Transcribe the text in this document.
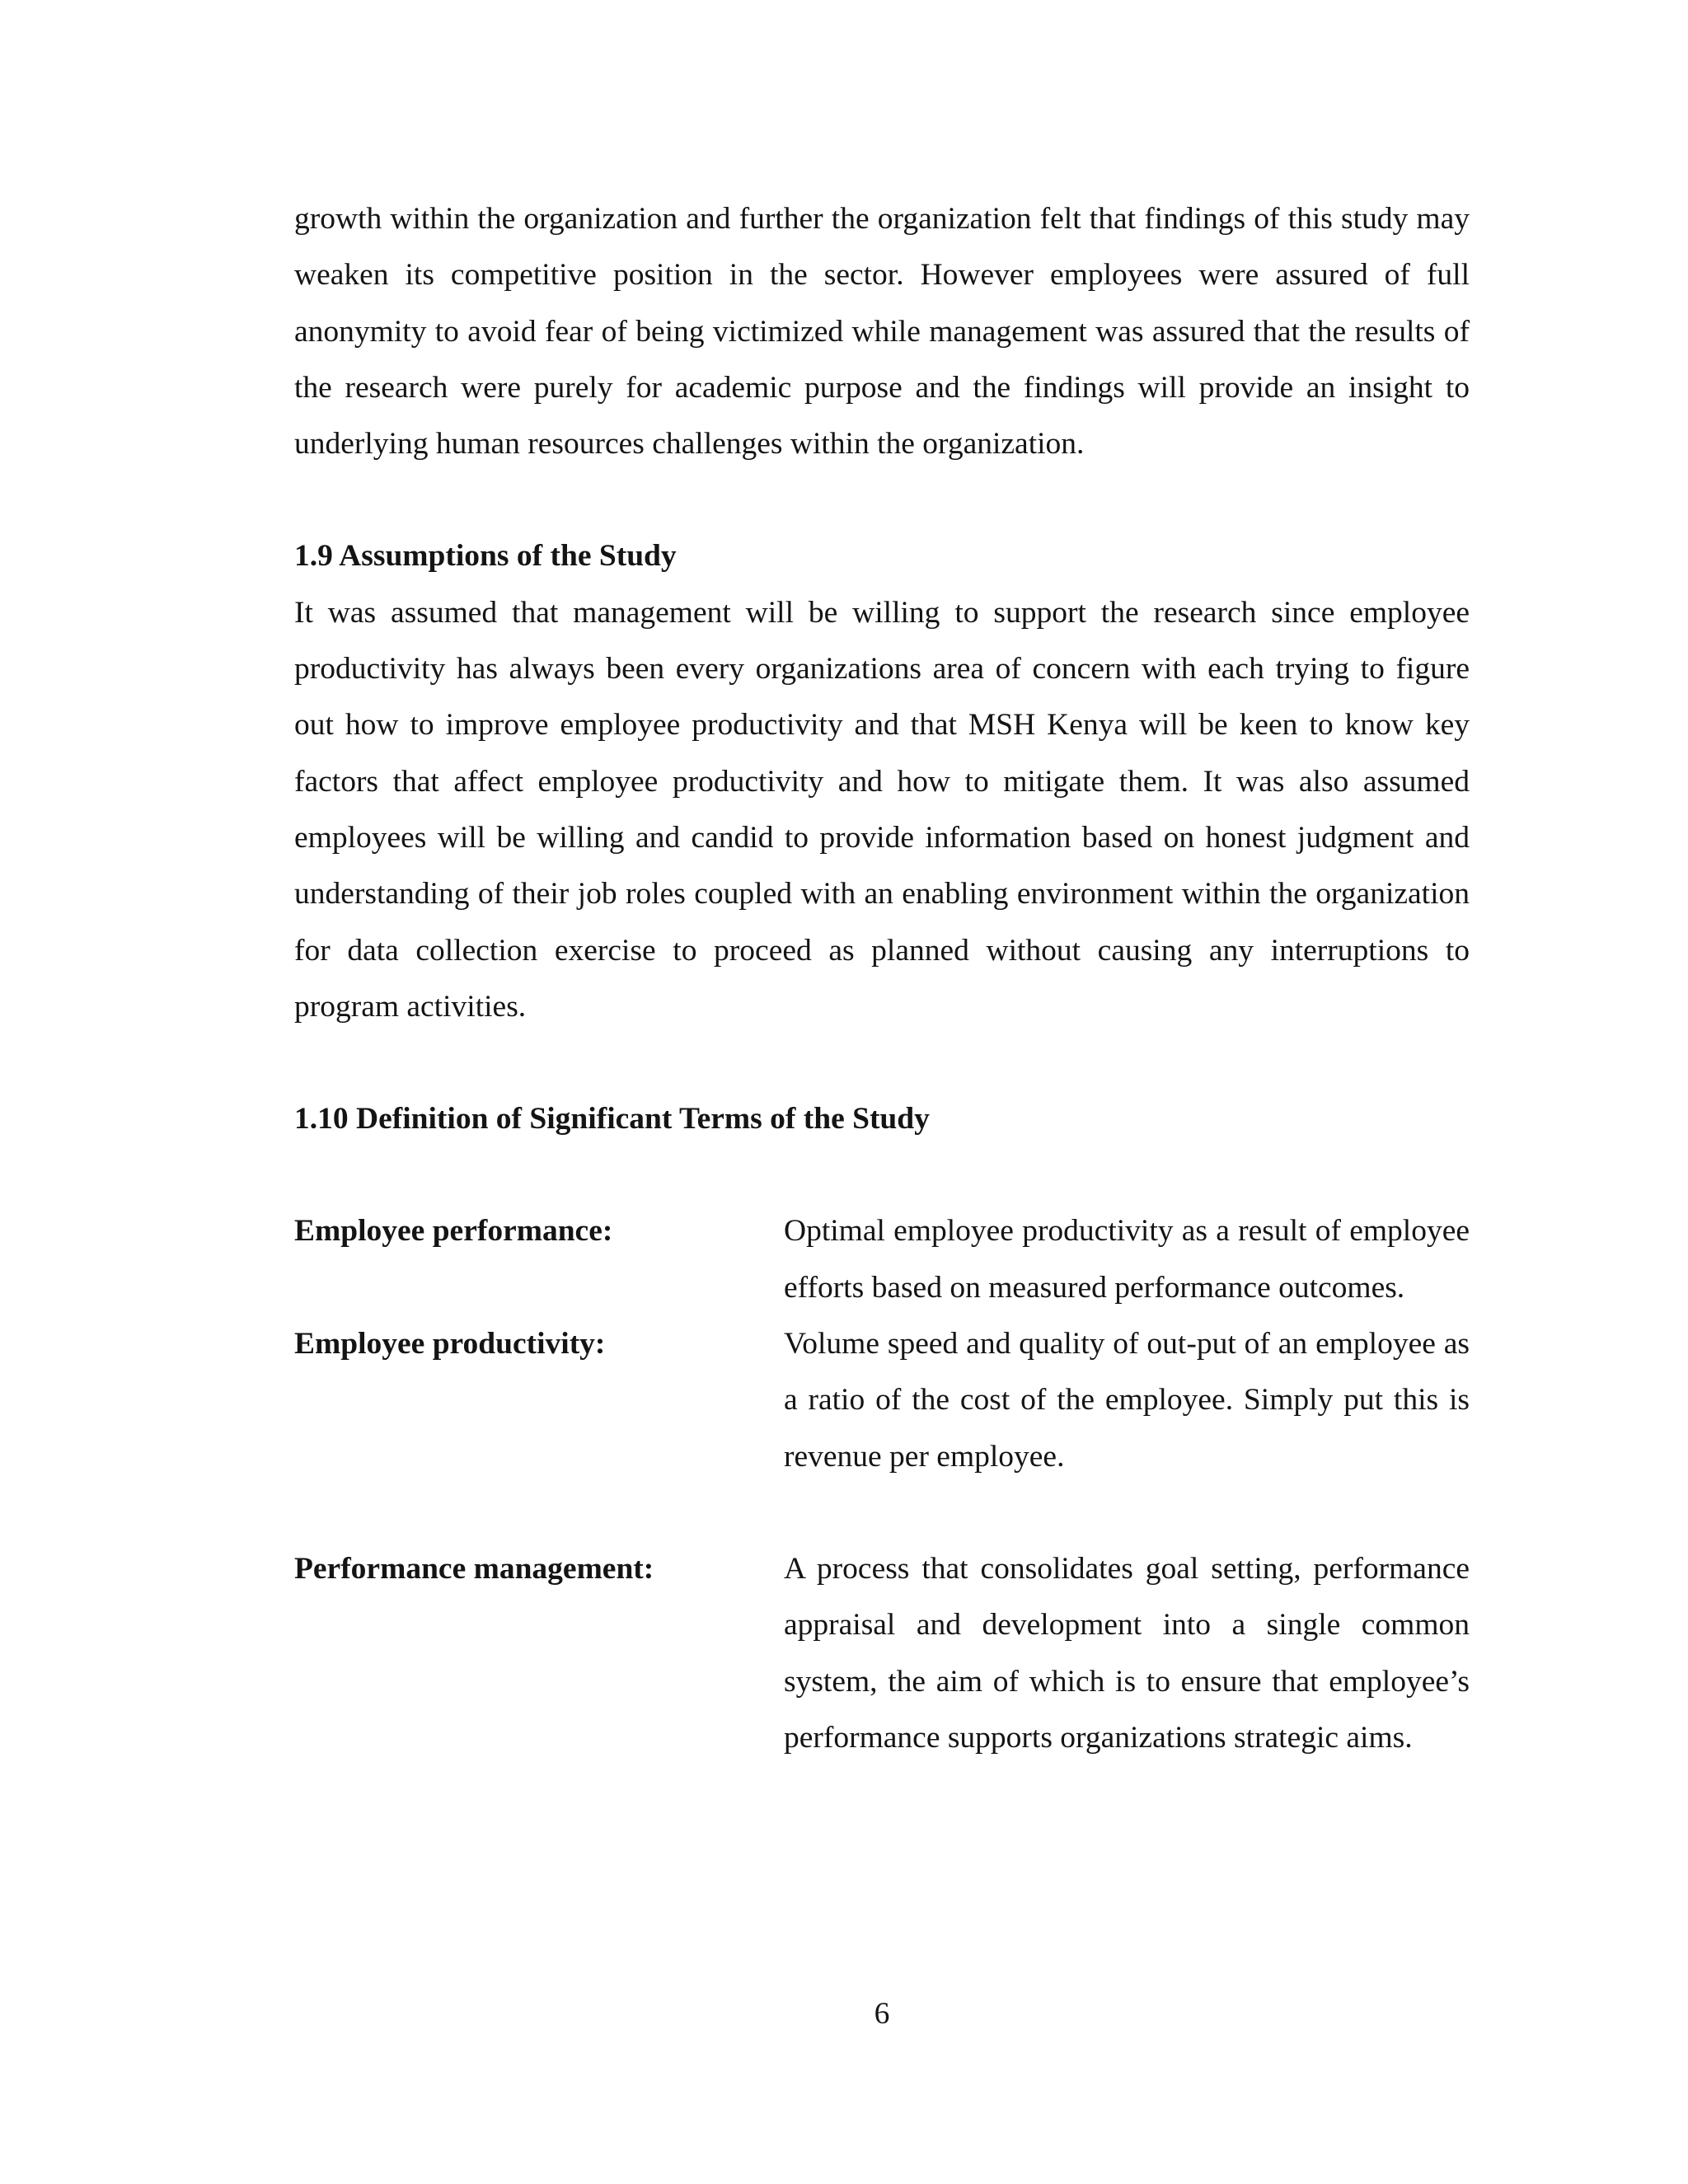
growth within the organization and further the organization felt that findings of this study may weaken its competitive position in the sector. However employees were assured of full anonymity to avoid fear of being victimized while management was assured that the results of the research were purely for academic purpose and the findings will provide an insight to underlying human resources challenges within the organization.

1.9 Assumptions of the Study

It was assumed that management will be willing to support the research since employee productivity has always been every organizations area of concern with each trying to figure out how to improve employee productivity and that MSH Kenya will be keen to know key factors that affect employee productivity and how to mitigate them. It was also assumed employees will be willing and candid to provide information based on honest judgment and understanding of their job roles coupled with an enabling environment within the organization for data collection exercise to proceed as planned without causing any interruptions to program activities.

1.10 Definition of Significant Terms of the Study
Employee performance:	Optimal employee productivity as a result of employee efforts based on measured performance outcomes.
Employee productivity:	Volume speed and quality of out-put of an employee as a ratio of the cost of the employee. Simply put this is revenue per employee.
Performance management:	A process that consolidates goal setting, performance appraisal and development into a single common system, the aim of which is to ensure that employee’s performance supports organizations strategic aims.
6
